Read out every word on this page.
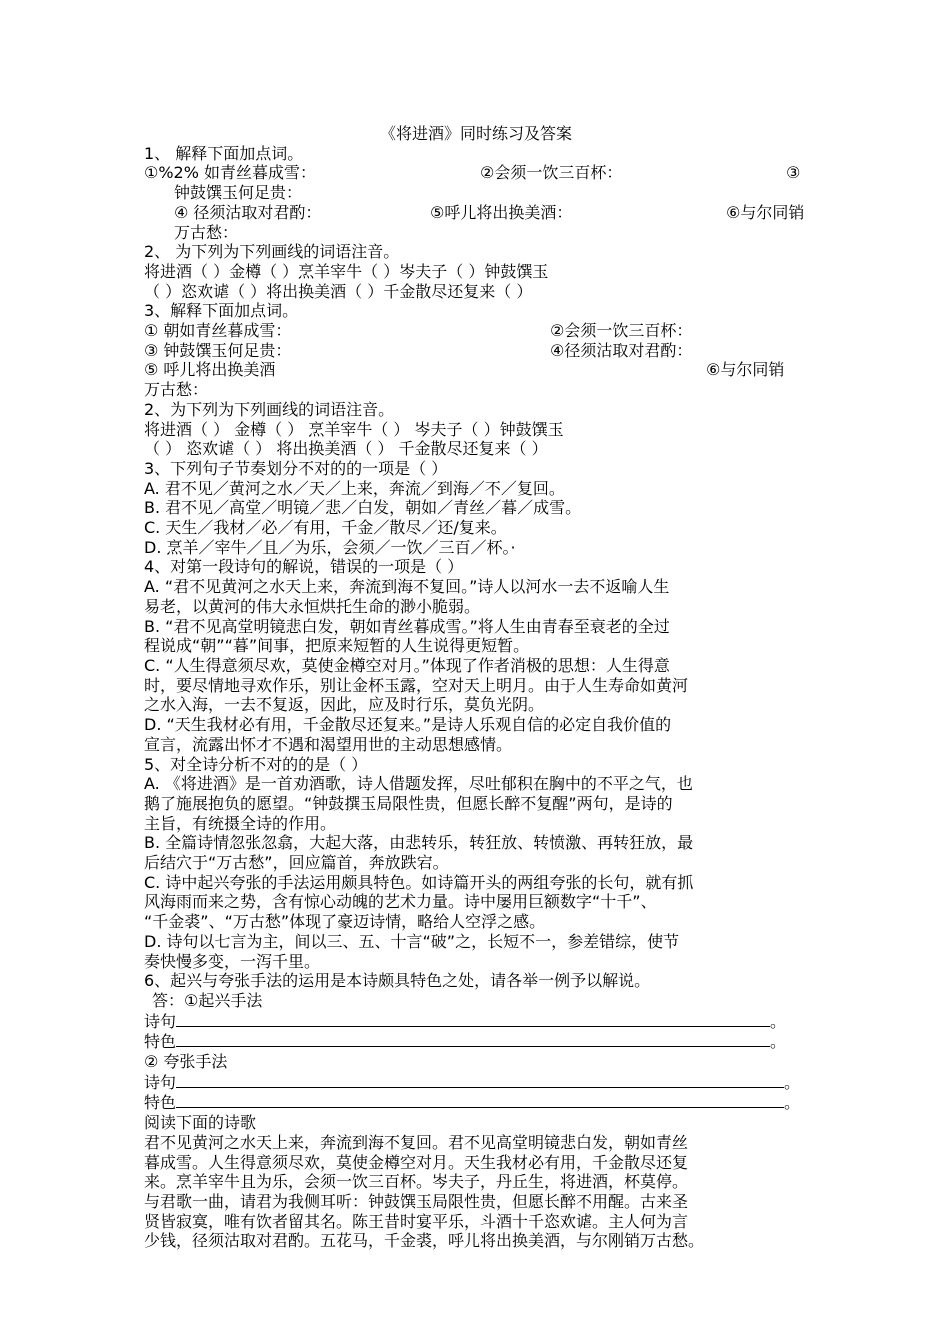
《将进酒》同时练习及答案
1、 解释下面加点词。
①%2% 如青丝暮成雪：	②会须一饮三百杯：	③
钟鼓馔玉何足贵：
④ 径须沽取对君酌：	⑤呼儿将出换美酒：	⑥与尔同销
万古愁：
2、 为下列为下列画线的词语注音。
将进酒（ ）金樽（ ）烹羊宰牛（ ）岑夫子（ ）钟鼓馔玉
（ ）恣欢谑（ ）将出换美酒（ ）千金散尽还复来（ ）
3、解释下面加点词。
① 朝如青丝暮成雪：	②会须一饮三百杯：
③ 钟鼓馔玉何足贵：	④径须沽取对君酌：
⑤ 呼儿将出换美酒	⑥与尔同销
万古愁：
2、为下列为下列画线的词语注音。
将进酒（ ） 金樽（ ） 烹羊宰牛（ ） 岑夫子（ ）钟鼓馔玉
（ ） 恣欢谑（ ） 将出换美酒（ ） 千金散尽还复来（ ）
3、下列句子节奏划分不对的的一项是（ ）
A. 君不见／黄河之水／天／上来，奔流／到海／不／复回。
B. 君不见／高堂／明镜／悲／白发，朝如／青丝／暮／成雪。
C. 天生／我材／必／有用，千金／散尽／还/复来。
D. 烹羊／宰牛／且／为乐，会须／一饮／三百／杯。·
4、对第一段诗句的解说，错误的一项是（ ）
A. “君不见黄河之水天上来，奔流到海不复回。”诗人以河水一去不返喻人生
易老，以黄河的伟大永恒烘托生命的渺小脆弱。
B. “君不见高堂明镜悲白发，朝如青丝暮成雪。”将人生由青春至衰老的全过
程说成“朝”“暮”间事，把原来短暂的人生说得更短暂。
C. “人生得意须尽欢，莫使金樽空对月。”体现了作者消极的思想：人生得意
时，要尽情地寻欢作乐，别让金杯玉露，空对天上明月。由于人生寿命如黄河
之水入海，一去不复返，因此，应及时行乐，莫负光阴。
D. “天生我材必有用，千金散尽还复来。”是诗人乐观自信的必定自我价值的
宣言，流露出怀才不遇和渴望用世的主动思想感情。
5、对全诗分析不对的的是（ ）
A. 《将进酒》是一首劝酒歌，诗人借题发挥，尽吐郁积在胸中的不平之气，也
鹅了施展抱负的愿望。“钟鼓撰玉局限性贵，但愿长醉不复醒”两句，是诗的
主旨，有统摄全诗的作用。
B. 全篇诗情忽张忽翕，大起大落，由悲转乐，转狂放、转愤激、再转狂放，最
后结穴于“万古愁”，回应篇首，奔放跌宕。
C. 诗中起兴夸张的手法运用颇具特色。如诗篇开头的两组夸张的长句，就有抓
风海雨而来之势，含有惊心动魄的艺术力量。诗中屡用巨额数字“十千”、
“千金裘”、“万古愁”体现了豪迈诗情，略给人空浮之感。
D. 诗句以七言为主，间以三、五、十言“破”之，长短不一，参差错综，使节
奏快慢多变，一泻千里。
6、起兴与夸张手法的运用是本诗颇具特色之处，请各举一例予以解说。
答：①起兴手法
诗句	。
特色	。
② 夸张手法
诗句	。
特色	。
阅读下面的诗歌
君不见黄河之水天上来，奔流到海不复回。君不见高堂明镜悲白发，朝如青丝
暮成雪。人生得意须尽欢，莫使金樽空对月。天生我材必有用，千金散尽还复
来。烹羊宰牛且为乐，会须一饮三百杯。岑夫子，丹丘生，将进酒，杯莫停。
与君歌一曲，请君为我侧耳听：钟鼓馔玉局限性贵，但愿长醉不用醒。古来圣
贤皆寂寞，唯有饮者留其名。陈王昔时宴平乐，斗酒十千恣欢谑。主人何为言
少钱，径须沽取对君酌。五花马，千金裘，呼儿将出换美酒，与尔刚销万古愁。
